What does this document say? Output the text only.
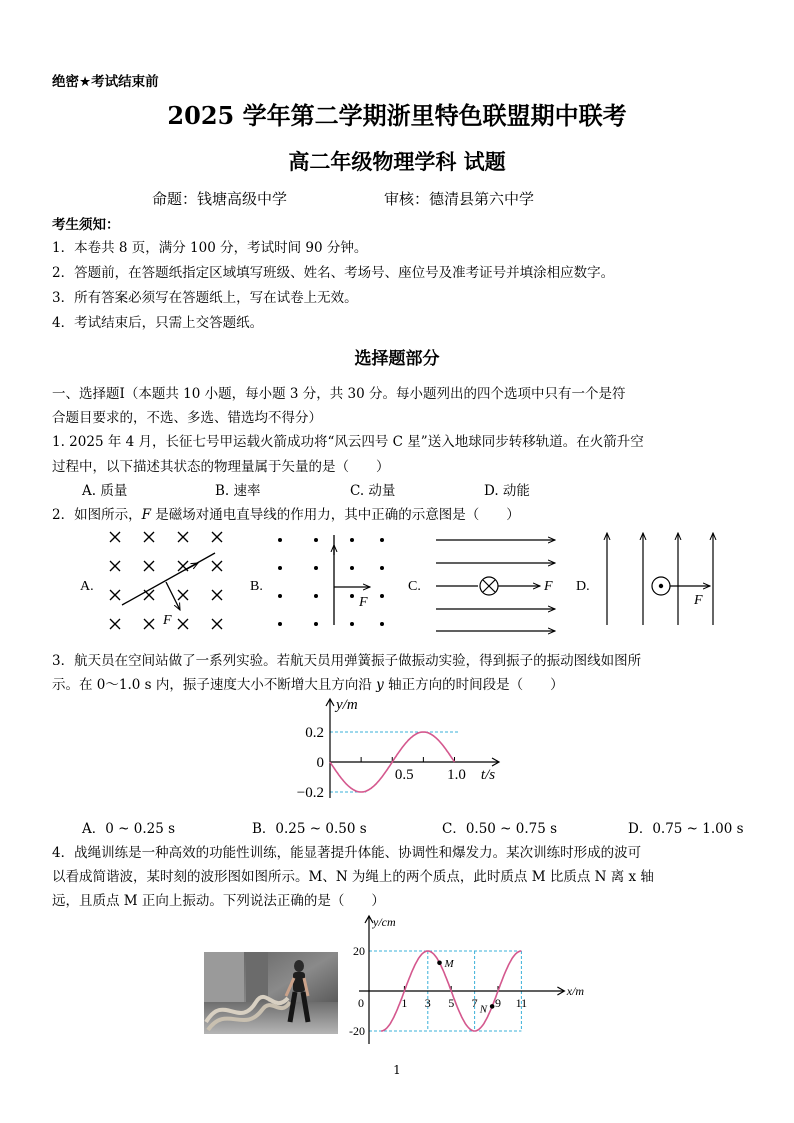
绝密★考试结束前
2025 学年第二学期浙里特色联盟期中联考
高二年级物理学科 试题
命题：钱塘高级中学	审核：德清县第六中学
考生须知：
1．本卷共 8 页，满分 100 分，考试时间 90 分钟。
2．答题前，在答题纸指定区域填写班级、姓名、考场号、座位号及准考证号并填涂相应数字。
3．所有答案必须写在答题纸上，写在试卷上无效。
4．考试结束后，只需上交答题纸。
选择题部分
一、选择题Ⅰ（本题共 10 小题，每小题 3 分，共 30 分。每小题列出的四个选项中只有一个是符
合题目要求的，不选、多选、错选均不得分）
1. 2025 年 4 月，长征七号甲运载火箭成功将“风云四号 C 星”送入地球同步转移轨道。在火箭升空
过程中，以下描述其状态的物理量属于矢量的是（　　）
A. 质量	B. 速率	C. 动量	D. 动能
2．如图所示，F 是磁场对通电直导线的作用力，其中正确的示意图是（　　）
A.
F
B.
F
C.	F D.
F
3．航天员在空间站做了一系列实验。若航天员用弹簧振子做振动实验，得到振子的振动图线如图所
示。在 0～1.0 s 内，振子速度大小不断增大且方向沿 y 轴正方向的时间段是（　　）
y/m
0.2
0
−0.2
0.5 1.0 t/s
A．0 ~ 0.25 s	B．0.25 ~ 0.50 s	C．0.50 ~ 0.75 s	D．0.75 ~ 1.00 s
4．战绳训练是一种高效的功能性训练，能显著提升体能、协调性和爆发力。某次训练时形成的波可
以看成简谐波，某时刻的波形图如图所示。M、N 为绳上的两个质点，此时质点 M 比质点 N 离 x 轴
远，且质点 M 正向上振动。下列说法正确的是（　　）
y/cm
20
-20
0	1 3 5 7 9 11
x/m
M
N
1
